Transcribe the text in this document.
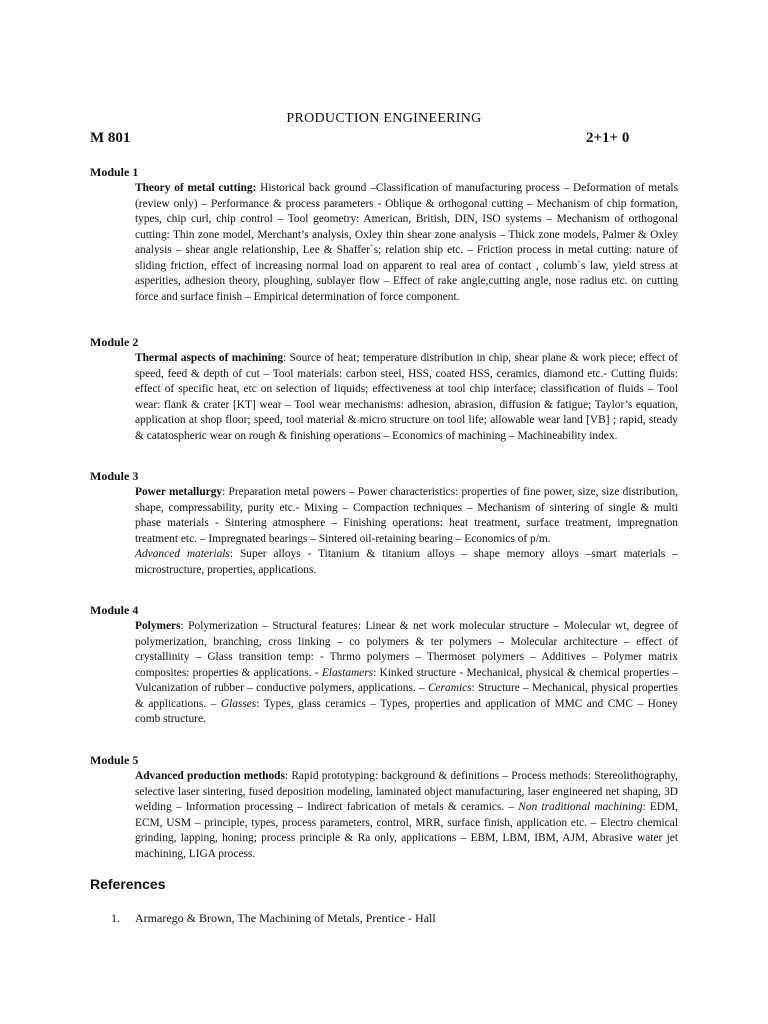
PRODUCTION ENGINEERING
M 801	2+1+ 0
Module 1

Theory of metal cutting: Historical back ground –Classification of manufacturing process – Deformation of metals (review only) – Performance & process parameters - Oblique & orthogonal cutting – Mechanism of chip formation, types, chip curl, chip control – Tool geometry: American, British, DIN, ISO systems – Mechanism of orthogonal cutting: Thin zone model, Merchant’s analysis, Oxley thin shear zone analysis – Thick zone models, Palmer & Oxley analysis – shear angle relationship, Lee & Shaffer`s; relation ship etc. – Friction process in metal cutting: nature of sliding friction, effect of increasing normal load on apparent to real area of contact , columb`s law, yield stress at asperities, adhesion theory, ploughing, sublayer flow – Effect of rake angle,cutting angle, nose radius etc. on cutting force and surface finish – Empirical determination of force component.

Module 2

Thermal aspects of machining: Source of heat; temperature distribution in chip, shear plane & work piece; effect of speed, feed & depth of cut – Tool materials: carbon steel, HSS, coated HSS, ceramics, diamond etc.- Cutting fluids: effect of specific heat, etc on selection of liquids; effectiveness at tool chip interface; classification of fluids – Tool wear: flank & crater [KT] wear – Tool wear mechanisms: adhesion, abrasion, diffusion & fatigue; Taylor’s equation, application at shop floor; speed, tool material & micro structure on tool life; allowable wear land [VB] ; rapid, steady & catatospheric wear on rough & finishing operations – Economics of machining – Machineability index.

Module 3

Power metallurgy: Preparation metal powers – Power characteristics: properties of fine power, size, size distribution, shape, compressability, purity etc.- Mixing – Compaction techniques – Mechanism of sintering of single & multi phase materials - Sintering atmosphere – Finishing operations: heat treatment, surface treatment, impregnation treatment etc. – Impregnated bearings – Sintered oil-retaining bearing – Economics of p/m.

Advanced materials: Super alloys - Titanium & titanium alloys – shape memory alloys –smart materials – microstructure, properties, applications.

Module 4

Polymers: Polymerization – Structural features: Linear & net work molecular structure – Molecular wt, degree of polymerization, branching, cross linking – co polymers & ter polymers – Molecular architecture – effect of crystallinity – Glass transition temp: - Thrmo polymers – Thermoset polymers – Additives – Polymer matrix composites: properties & applications. - Elastamers: Kinked structure - Mechanical, physical & chemical properties – Vulcanization of rubber – conductive polymers, applications. – Ceramics: Structure – Mechanical, physical properties & applications. – Glasses: Types, glass ceramics – Types, properties and application of MMC and CMC – Honey comb structure.

Module 5

Advanced production methods: Rapid prototyping: background & definitions – Process methods: Stereolithography, selective laser sintering, fused deposition modeling, laminated object manufacturing, laser engineered net shaping, 3D welding – Information processing – Indirect fabrication of metals & ceramics. – Non traditional machining: EDM, ECM, USM – principle, types, process parameters, control, MRR, surface finish, application etc. – Electro chemical grinding, lapping, honing; process principle & Ra only, applications – EBM, LBM, IBM, AJM, Abrasive water jet machining, LIGA process.

References
1. Armarego & Brown, The Machining of Metals, Prentice - Hall
